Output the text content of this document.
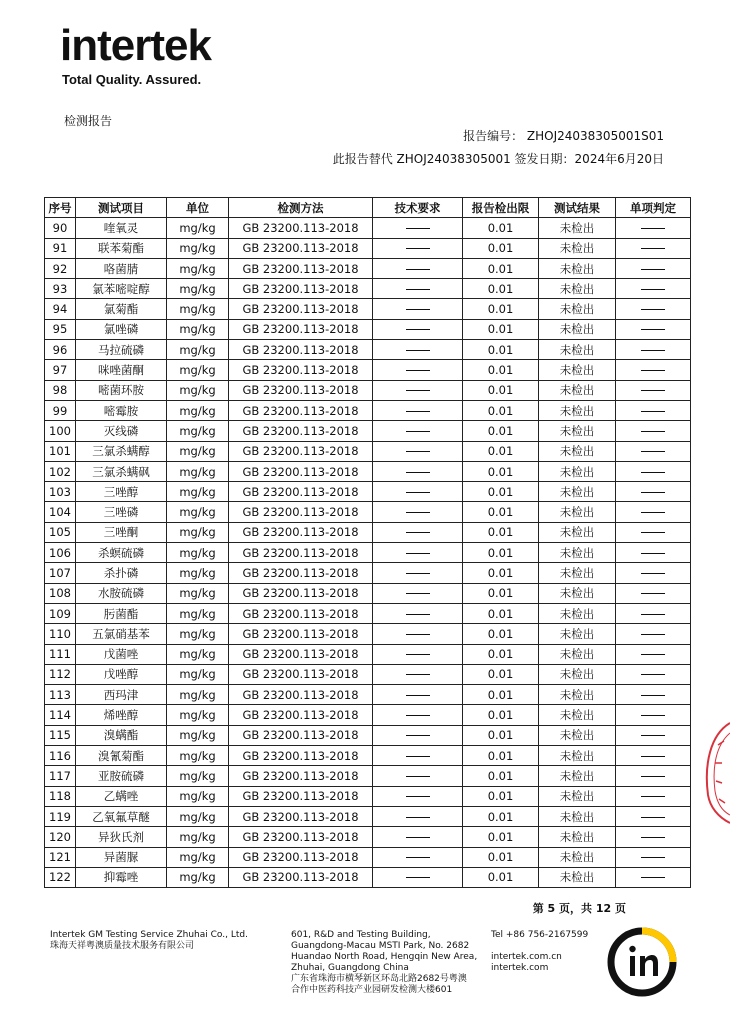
intertek
Total Quality. Assured.
检测报告
报告编号： ZHOJ24038305001S01
此报告替代 ZHOJ24038305001 签发日期：2024年6月20日
序号	测试项目	单位	检测方法	技术要求	报告检出限	测试结果	单项判定
90	喹氧灵	mg/kg	GB 23200.113-2018		0.01	未检出	
91	联苯菊酯	mg/kg	GB 23200.113-2018		0.01	未检出	
92	咯菌腈	mg/kg	GB 23200.113-2018		0.01	未检出	
93	氯苯嘧啶醇	mg/kg	GB 23200.113-2018		0.01	未检出	
94	氯菊酯	mg/kg	GB 23200.113-2018		0.01	未检出	
95	氯唑磷	mg/kg	GB 23200.113-2018		0.01	未检出	
96	马拉硫磷	mg/kg	GB 23200.113-2018		0.01	未检出	
97	咪唑菌酮	mg/kg	GB 23200.113-2018		0.01	未检出	
98	嘧菌环胺	mg/kg	GB 23200.113-2018		0.01	未检出	
99	嘧霉胺	mg/kg	GB 23200.113-2018		0.01	未检出	
100	灭线磷	mg/kg	GB 23200.113-2018		0.01	未检出	
101	三氯杀螨醇	mg/kg	GB 23200.113-2018		0.01	未检出	
102	三氯杀螨砜	mg/kg	GB 23200.113-2018		0.01	未检出	
103	三唑醇	mg/kg	GB 23200.113-2018		0.01	未检出	
104	三唑磷	mg/kg	GB 23200.113-2018		0.01	未检出	
105	三唑酮	mg/kg	GB 23200.113-2018		0.01	未检出	
106	杀螟硫磷	mg/kg	GB 23200.113-2018		0.01	未检出	
107	杀扑磷	mg/kg	GB 23200.113-2018		0.01	未检出	
108	水胺硫磷	mg/kg	GB 23200.113-2018		0.01	未检出	
109	肟菌酯	mg/kg	GB 23200.113-2018		0.01	未检出	
110	五氯硝基苯	mg/kg	GB 23200.113-2018		0.01	未检出	
111	戊菌唑	mg/kg	GB 23200.113-2018		0.01	未检出	
112	戊唑醇	mg/kg	GB 23200.113-2018		0.01	未检出	
113	西玛津	mg/kg	GB 23200.113-2018		0.01	未检出	
114	烯唑醇	mg/kg	GB 23200.113-2018		0.01	未检出	
115	溴螨酯	mg/kg	GB 23200.113-2018		0.01	未检出	
116	溴氰菊酯	mg/kg	GB 23200.113-2018		0.01	未检出	
117	亚胺硫磷	mg/kg	GB 23200.113-2018		0.01	未检出	
118	乙螨唑	mg/kg	GB 23200.113-2018		0.01	未检出	
119	乙氧氟草醚	mg/kg	GB 23200.113-2018		0.01	未检出	
120	异狄氏剂	mg/kg	GB 23200.113-2018		0.01	未检出	
121	异菌脲	mg/kg	GB 23200.113-2018		0.01	未检出	
122	抑霉唑	mg/kg	GB 23200.113-2018		0.01	未检出	
第 5 页，共 12 页
Intertek GM Testing Service Zhuhai Co., Ltd.
珠海天祥粤澳质量技术服务有限公司
601, R&D and Testing Building,
Guangdong-Macau MSTI Park, No. 2682
Huandao North Road, Hengqin New Area,
Zhuhai, Guangdong China
广东省珠海市横琴新区环岛北路2682号粤澳
合作中医药科技产业园研发检测大楼601
Tel +86 756-2167599
intertek.com.cn
intertek.com
